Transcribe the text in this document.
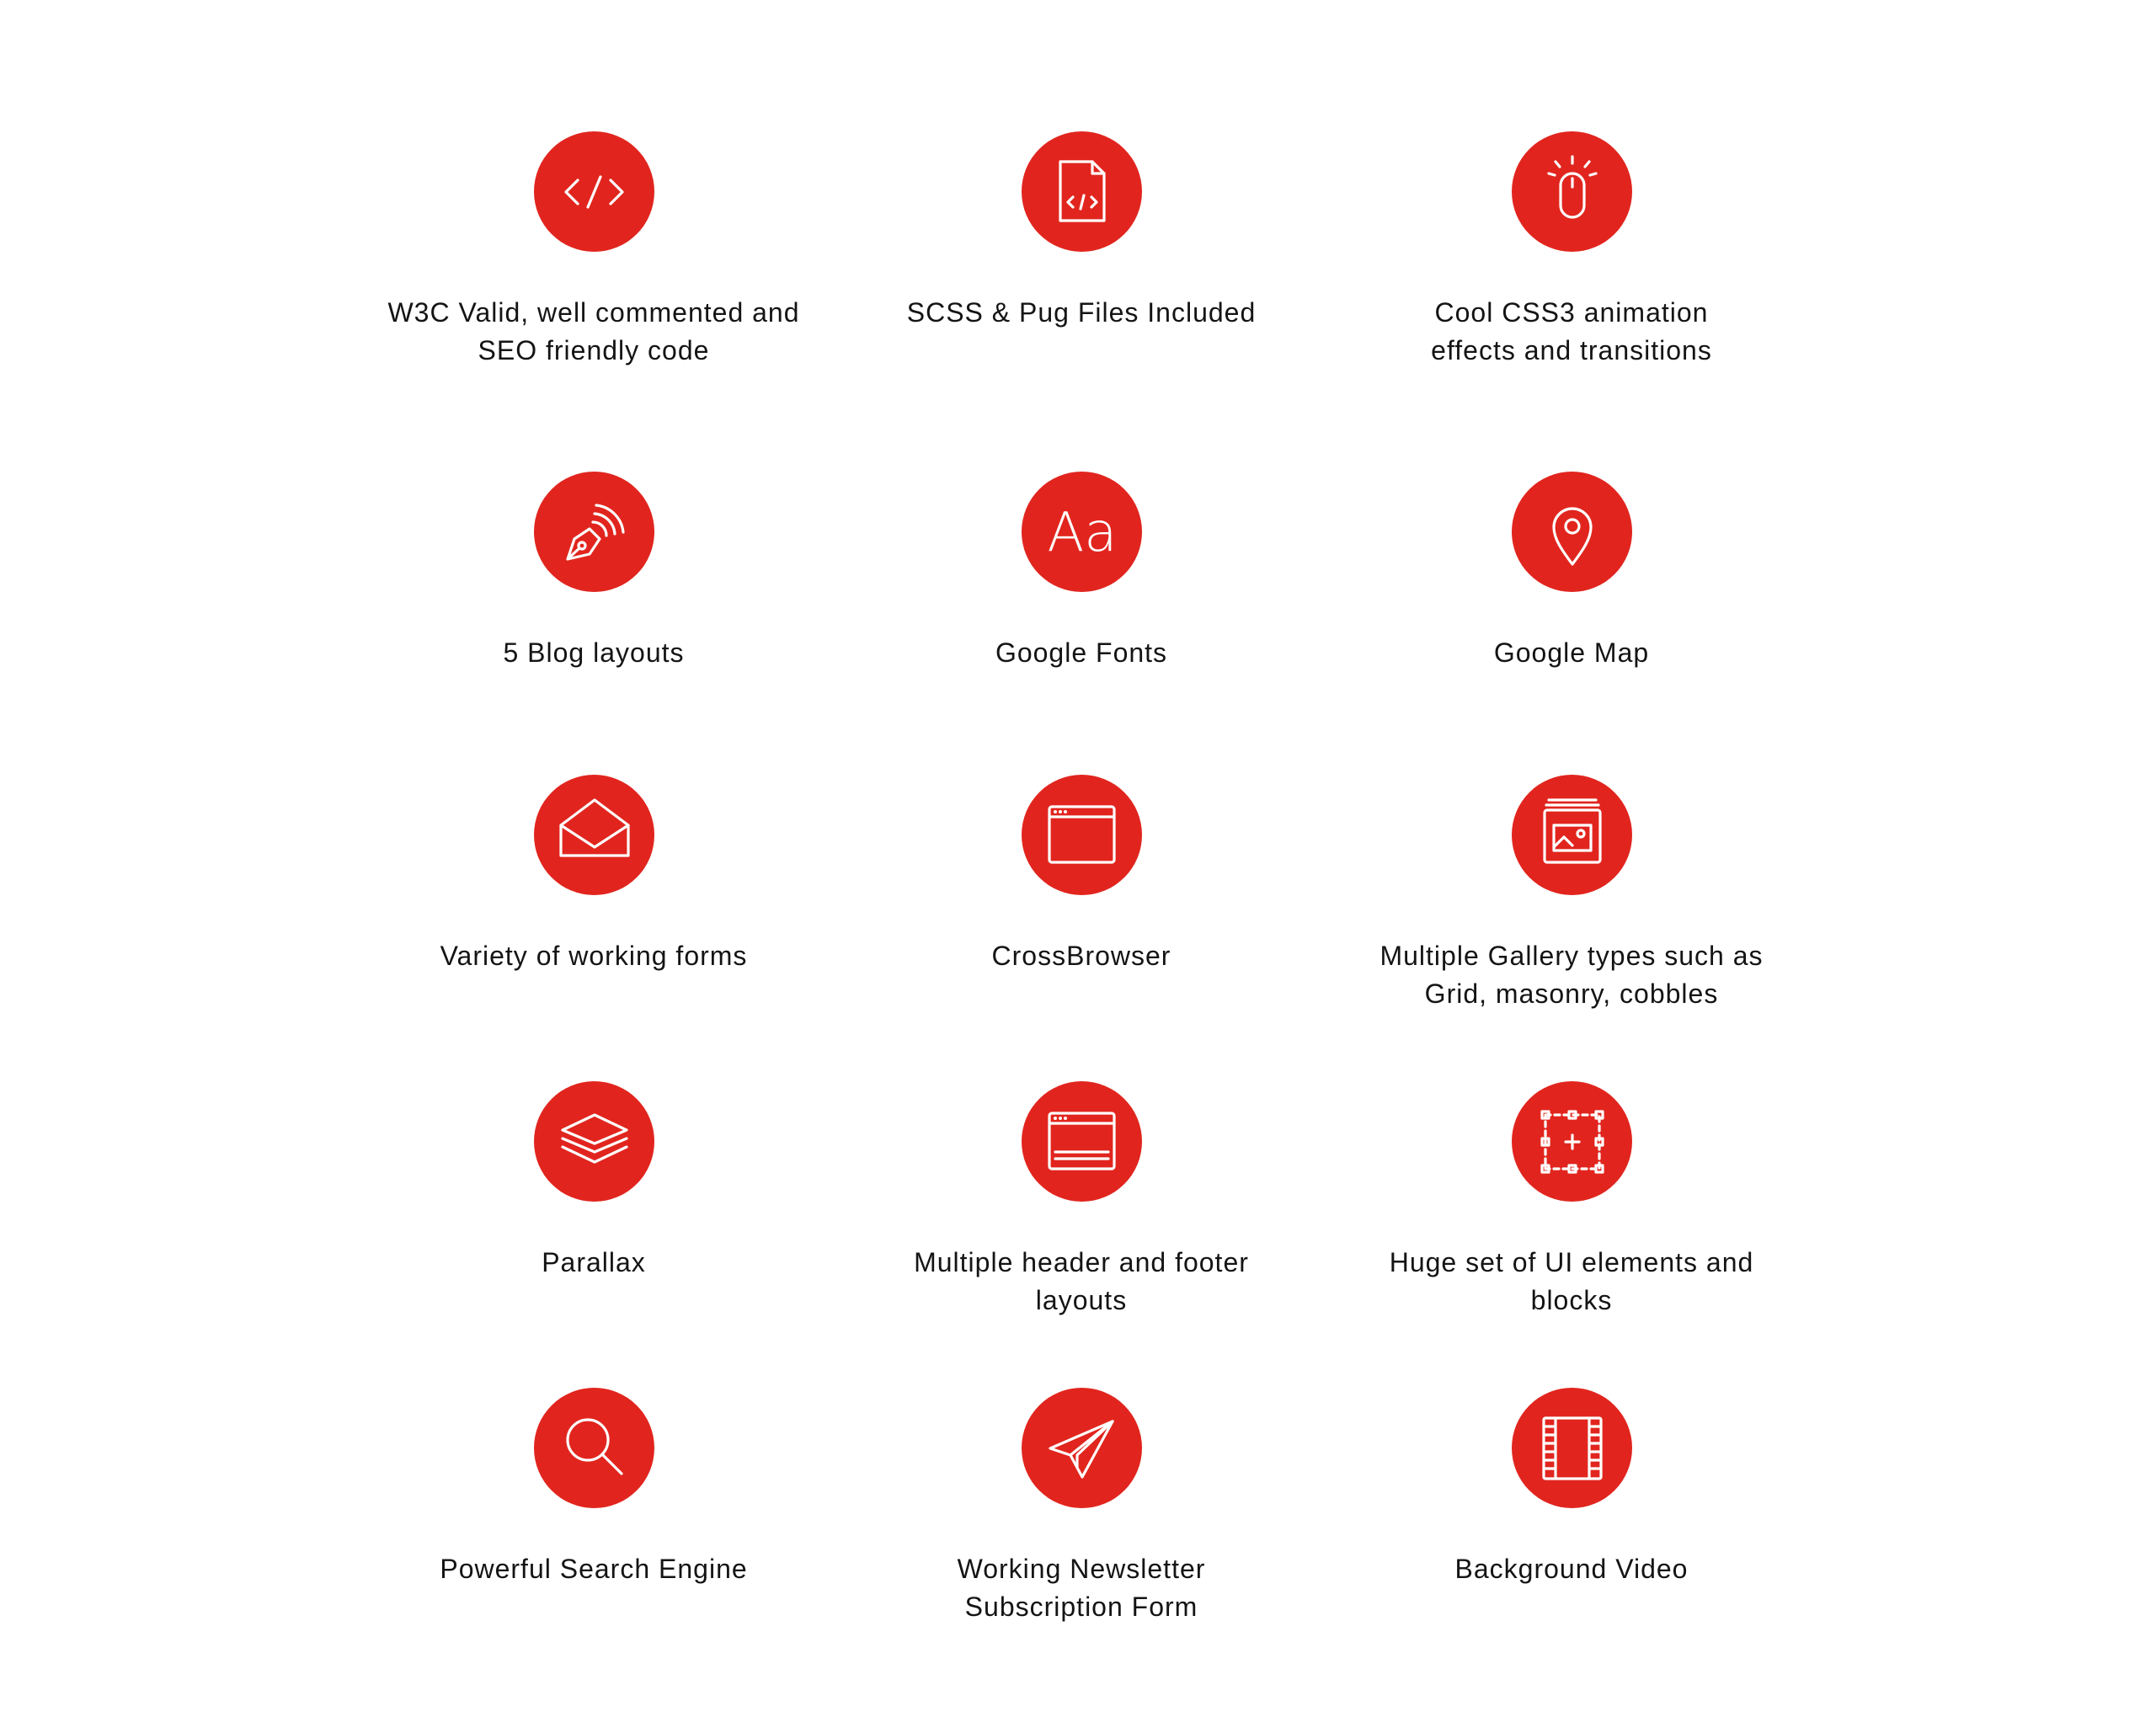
W3C Valid, well commented and
SEO friendly code
SCSS & Pug Files Included	Cool CSS3 animation
effects and transitions
5 Blog layouts
Aa
Google Fonts	Google Map
Variety of working forms	CrossBrowser	Multiple Gallery types such as
Grid, masonry, cobbles
Parallax	Multiple header and footer
layouts
Huge set of UI elements and
blocks
Powerful Search Engine	Working Newsletter
Subscription Form
Background Video
